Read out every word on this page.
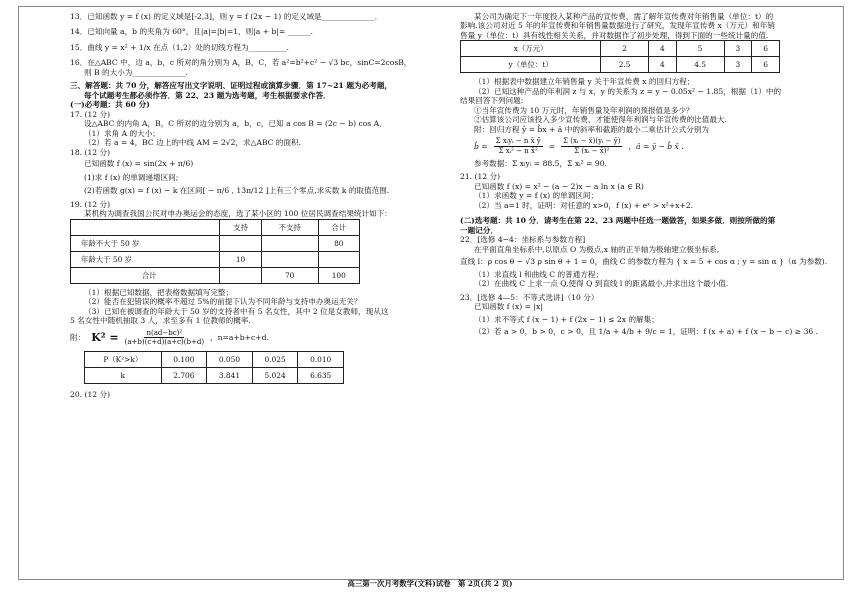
13．已知函数 y = f (x) 的定义域是[-2,3]，则 y = f (2x − 1) 的定义域是______________．

14．已知向量 a，b 的夹角为 60°，且|a|=|b|=1，则|a + b|= ______.

15．曲线 y = x² + 1/x 在点（1,2）处的切线方程为__________.

16．在△ABC 中，边 a，b，c 所对的角分别为 A，B，C，若 a²=b²+c² − √3 bc，sinC=2cosB，

则 B 的大小为______________.

三、解答题：共 70 分，解答应写出文字说明、证明过程或演算步骤．第 17~21 题为必考题，

每个试题考生都必须作答．第 22、23 题为选考题，考生根据要求作答．

(一)必考题：共 60 分)

17. (12 分)

设△ABC 的内角 A，B，C 所对的边分别为 a，b，c，已知 a cos B = (2c − b) cos A．

（1）求角 A 的大小；

（2）若 a = 4，BC 边上的中线 AM = 2√2，求△ABC 的面积.

18. (12 分)

已知函数 f (x) = sin(2x + π/6)

(1)求 f (x) 的单调递增区间;

(2)若函数 g(x) = f (x) − k 在区间[ − π/6 , 13π/12 ]上有三个零点,求实数 k 的取值范围.

19. (12 分)

某机构为调查我国公民对申办奥运会的态度，选了某小区的 100 位居民调查结果统计如下：

	支持	不支持	合计
年龄不大于 50 岁			80
年龄大于 50 岁	10		
合计		70	100

（1）根据已知数据，把表格数据填写完整；

（2）能否在犯错误的概率不超过 5%的前提下认为不同年龄与支持申办奥运无关？

（3）已知在被调查的年龄大于 50 岁的支持者中有 5 名女性，其中 2 位是女教师，现从这

5 名女性中随机抽取 3 人，求至多有 1 位教师的概率.

附： $K^2 = \frac{\text{n(ad−bc)²}}{(a+b)(c+d)(a+c)(b+d)}$ ，n=a+b+c+d.
P（K²>k）	0.100	0.050	0.025	0.010
k	2.706	3.841	5.024	6.635

20. (12 分)

某公司为确定下一年度投入某种产品的宣传费，需了解年宣传费对年销售量（单位：t）的

影响.该公司对近 5 年的年宣传费和年销售量数据进行了研究，发现年宣传费 x（万元）和年销

售量 y（单位：t）具有线性相关关系，并对数据作了初步处理，得到下面的一些统计量的值.

x（万元）	2	4	5	3	6
y（单位：t）	2.5	4	4.5	3	6

（1）根据表中数据建立年销售量 y 关于年宣传费 x 的回归方程；

（2）已知这种产品的年利润 z 与 x，y 的关系为 z = y − 0.05x² − 1.85，根据（1）中的

结果回答下列问题:

①当年宣传费为 10 万元时，年销售量及年利润的预报值是多少？

②估算该公司应该投入多少宣传费，才能使得年利润与年宣传费的比值最大.

附：回归方程 ŷ = b̂x + â 中的斜率和截距的最小二乘估计公式分别为

b̂ = $\frac{\text{Σ xᵢyᵢ − n x̄ ȳ}}{\text{Σ xᵢ² − n x̄²}} = \frac{\text{Σ (xᵢ − x̄)(yᵢ − ȳ)}}{\text{Σ (xᵢ − x̄)²}}$ ，â = ȳ − b̂ x̄ .

参考数据：Σ xᵢyᵢ = 88.5，Σ xᵢ² = 90.

21. (12 分)

已知函数 f (x) = x² − (a − 2)x − a ln x (a ∈ R)

（1）求函数 y = f (x) 的单调区间；

（2）当 a=1 时，证明：对任意的 x>0，f (x) + eˣ > x²+x+2.

(二)选考题：共 10 分．请考生在第 22、23 两题中任选一题做答，如果多做．则按所做的第

一题记分．

22．[选修 4−4：坐标系与参数方程]

在平面直角坐标系中,以原点 O 为极点,x 轴的正半轴为极轴建立极坐标系,

直线 l：ρ cos θ − √3 ρ sin θ + 1 = 0，曲线 C 的参数方程为 { x = 5 + cos α ; y = sin α }（α 为参数).

（1）求直线 l 和曲线 C 的普通方程；

（2）在曲线 C 上求一点 Q,使得 Q 到直线 l 的距离最小,并求出这个最小值.

23．[选修 4—5：不等式选讲]（10 分）

已知函数 f (x) = |x|

（1）求不等式 f (x − 1) + f (2x − 1) ≤ 2x 的解集；

（2）若 a > 0，b > 0，c > 0，且 1/a + 4/b + 9/c = 1，证明：f (x + a) + f (x − b − c) ≥ 36 .

高三第一次月考数学(文科)试卷　第 2页(共 2 页)
